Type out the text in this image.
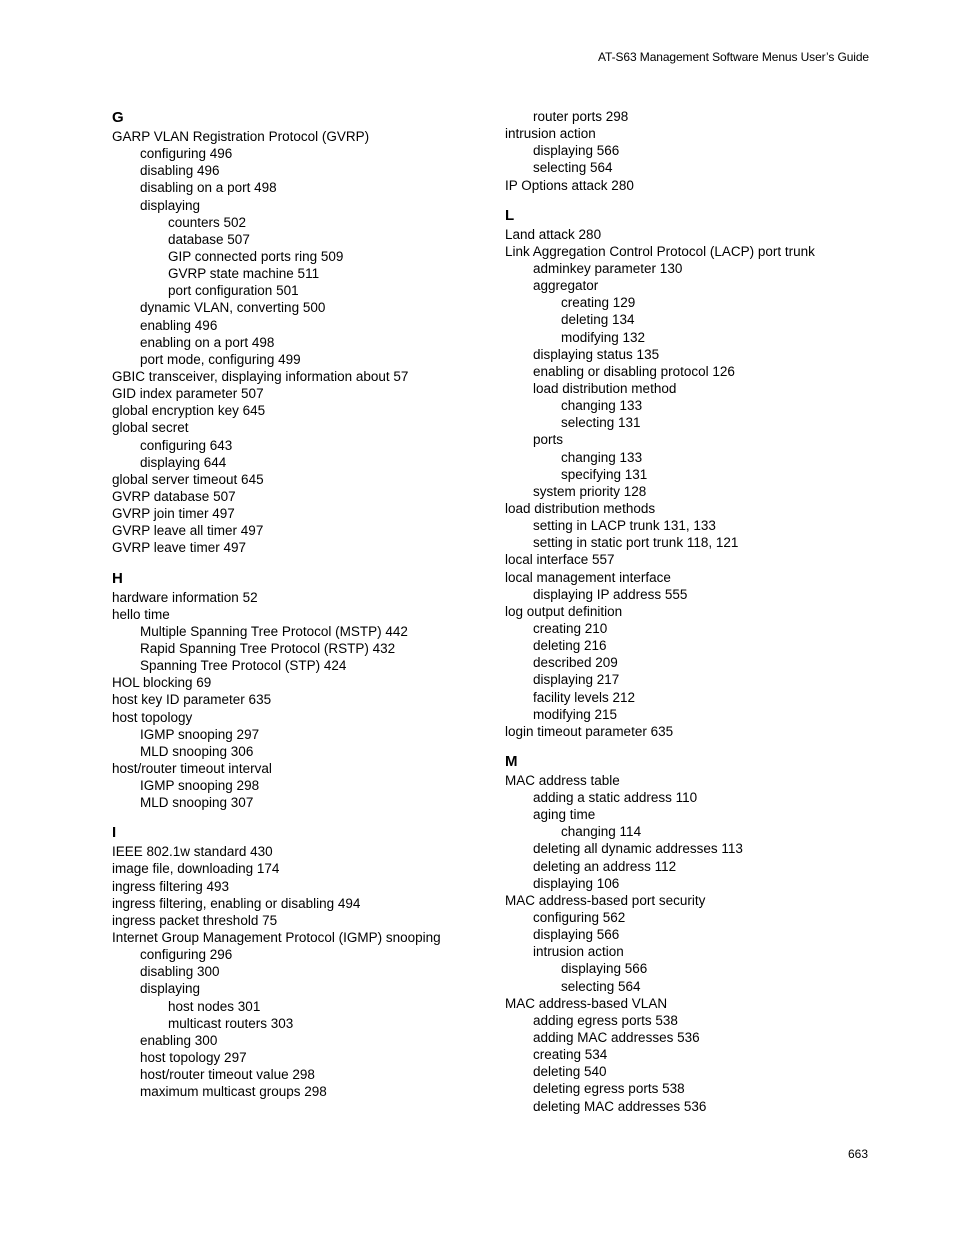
AT-S63 Management Software Menus User’s Guide
G
GARP VLAN Registration Protocol (GVRP)
configuring 496
disabling 496
disabling on a port 498
displaying
counters 502
database 507
GIP connected ports ring 509
GVRP state machine 511
port configuration 501
dynamic VLAN, converting 500
enabling 496
enabling on a port 498
port mode, configuring 499
GBIC transceiver, displaying information about 57
GID index parameter 507
global encryption key 645
global secret
configuring 643
displaying 644
global server timeout 645
GVRP database 507
GVRP join timer 497
GVRP leave all timer 497
GVRP leave timer 497
H
hardware information 52
hello time
Multiple Spanning Tree Protocol (MSTP) 442
Rapid Spanning Tree Protocol (RSTP) 432
Spanning Tree Protocol (STP) 424
HOL blocking 69
host key ID parameter 635
host topology
IGMP snooping 297
MLD snooping 306
host/router timeout interval
IGMP snooping 298
MLD snooping 307
I
IEEE 802.1w standard 430
image file, downloading 174
ingress filtering 493
ingress filtering, enabling or disabling 494
ingress packet threshold 75
Internet Group Management Protocol (IGMP) snooping
configuring 296
disabling 300
displaying
host nodes 301
multicast routers 303
enabling 300
host topology 297
host/router timeout value 298
maximum multicast groups 298
router ports 298
intrusion action
displaying 566
selecting 564
IP Options attack 280
L
Land attack 280
Link Aggregation Control Protocol (LACP) port trunk
adminkey parameter 130
aggregator
creating 129
deleting 134
modifying 132
displaying status 135
enabling or disabling protocol 126
load distribution method
changing 133
selecting 131
ports
changing 133
specifying 131
system priority 128
load distribution methods
setting in LACP trunk 131, 133
setting in static port trunk 118, 121
local interface 557
local management interface
displaying IP address 555
log output definition
creating 210
deleting 216
described 209
displaying 217
facility levels 212
modifying 215
login timeout parameter 635
M
MAC address table
adding a static address 110
aging time
changing 114
deleting all dynamic addresses 113
deleting an address 112
displaying 106
MAC address-based port security
configuring 562
displaying 566
intrusion action
displaying 566
selecting 564
MAC address-based VLAN
adding egress ports 538
adding MAC addresses 536
creating 534
deleting 540
deleting egress ports 538
deleting MAC addresses 536
663
